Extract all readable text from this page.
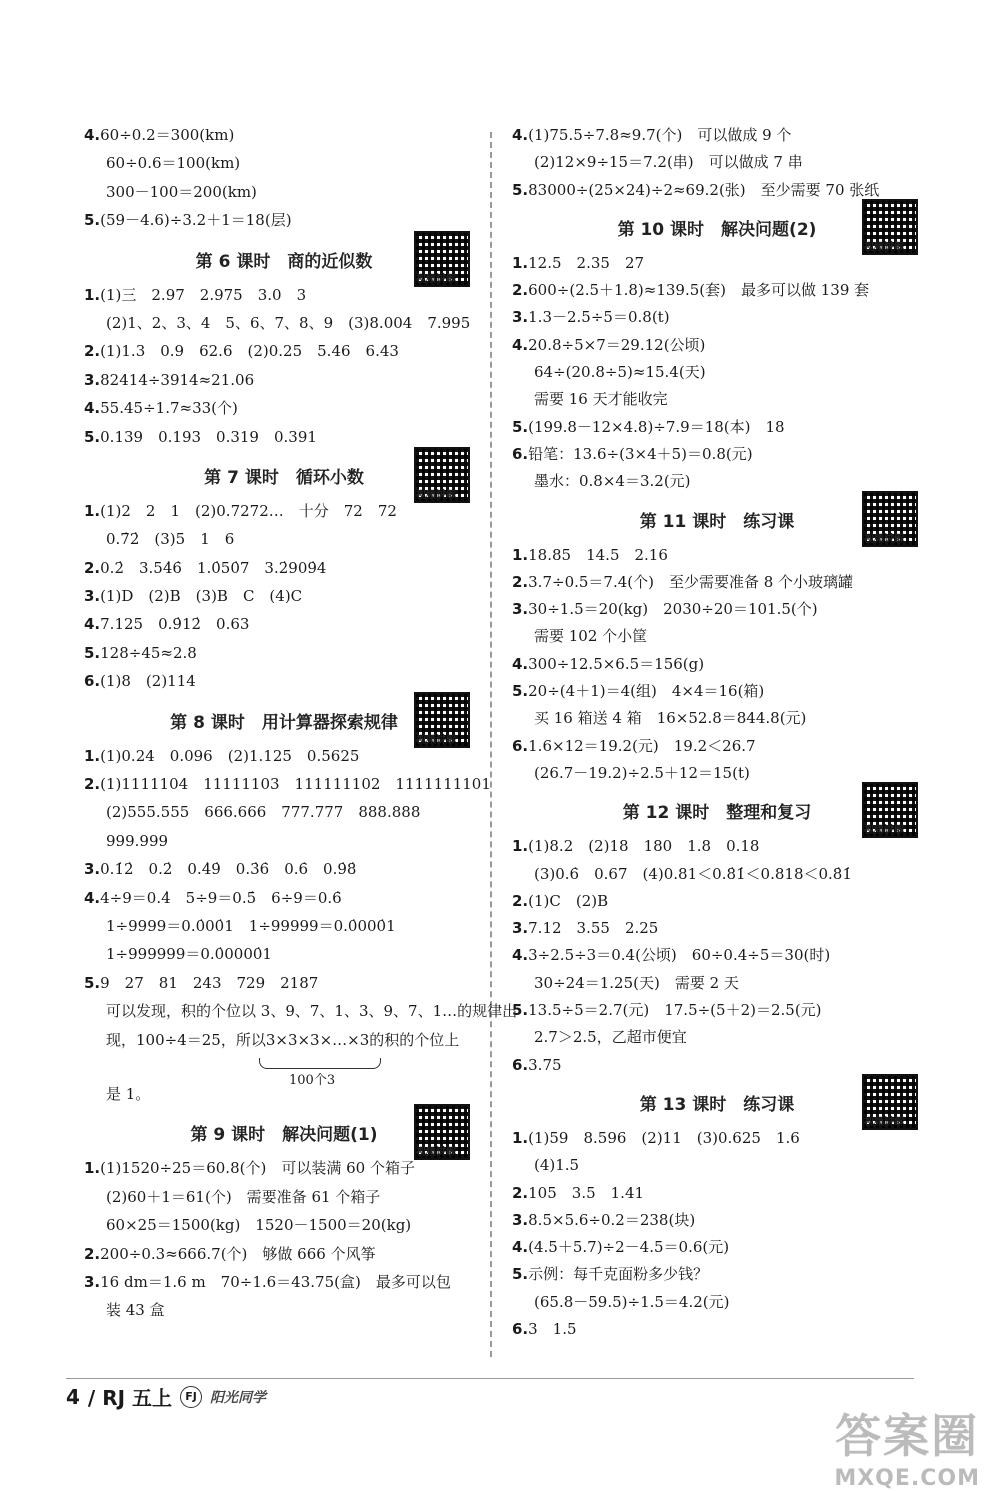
4.60÷0.2＝300(km)
60÷0.6＝100(km)
300－100＝200(km)
5.(59－4.6)÷3.2＋1＝18(层)
第 6 课时　商的近似数
视频讲解
1.(1)三　2.97　2.975　3.0　3
(2)1、2、3、4　5、6、7、8、9　(3)8.004　7.995
2.(1)1.3　0.9　62.6　(2)0.25　5.46　6.43
3.82414÷3914≈21.06
4.55.45÷1.7≈33(个)
5.0.139　0.193　0.319　0.391
第 7 课时　循环小数
视频讲解
1.(1)2　2　1　(2)0.7272…　十分　72　72
0.7̇2̇　(3)5　1　6
2.0.2̇　3.54̇6̇　1.0̇50̇7　3.2̇909̇4
3.(1)D　(2)B　(3)B　C　(4)C
4.7.125　0.9̇12̇　0.63
5.128÷45≈2.8
6.(1)8　(2)114
第 8 课时　用计算器探索规律
视频讲解
1.(1)0.24　0.096　(2)1.125　0.5625
2.(1)1111104　11111103　111111102　1111111101
(2)555.555　666.666　777.777　888.888
999.999
3.0.1̇2̇　0.2̇　0.4̇9̇　0.3̇6̇　0.6̇　0.9̇8̇
4.4÷9＝0.4̇　5÷9＝0.5̇　6÷9＝0.6̇
1÷9999＝0.0̇00̇1　1÷99999＝0.0̇000̇1
1÷999999＝0.0̇0000̇1
5.9　27　81　243　729　2187
可以发现，积的个位以 3、9、7、1、3、9、7、1…的规律出
现，100÷4＝25，所以3×3×3×…×3的积的个位上
100个3
是 1。
第 9 课时　解决问题(1)
视频讲解
1.(1)1520÷25＝60.8(个)　可以装满 60 个箱子
(2)60＋1＝61(个)　需要准备 61 个箱子
60×25＝1500(kg)　1520－1500＝20(kg)
2.200÷0.3≈666.7(个)　够做 666 个风筝
3.16 dm＝1.6 m　70÷1.6＝43.75(盒)　最多可以包
装 43 盒
4.(1)75.5÷7.8≈9.7(个)　可以做成 9 个
(2)12×9÷15＝7.2(串)　可以做成 7 串
5.83000÷(25×24)÷2≈69.2(张)　至少需要 70 张纸
第 10 课时　解决问题(2)
视频讲解
1.12.5　2.35　27
2.600÷(2.5＋1.8)≈139.5(套)　最多可以做 139 套
3.1.3－2.5÷5＝0.8(t)
4.20.8÷5×7＝29.12(公顷)
64÷(20.8÷5)≈15.4(天)
需要 16 天才能收完
5.(199.8－12×4.8)÷7.9＝18(本)　18
6.铅笔：13.6÷(3×4＋5)＝0.8(元)
墨水：0.8×4＝3.2(元)
第 11 课时　练习课
视频讲解
1.18.85　14.5　2.16
2.3.7÷0.5＝7.4(个)　至少需要准备 8 个小玻璃罐
3.30÷1.5＝20(kg)　2030÷20＝101.5(个)
需要 102 个小筐
4.300÷12.5×6.5＝156(g)
5.20÷(4＋1)＝4(组)　4×4＝16(箱)
买 16 箱送 4 箱　16×52.8＝844.8(元)
6.1.6×12＝19.2(元)　19.2＜26.7
(26.7－19.2)÷2.5＋12＝15(t)
第 12 课时　整理和复习
视频讲解
1.(1)8.2　(2)18　180　1.8　0.18
(3)0.6̇　0.67　(4)0.81＜0.8̇1̇＜0.818＜0.8̇1̇
2.(1)C　(2)B
3.7.12　3.55　2.25
4.3÷2.5÷3＝0.4(公顷)　60÷0.4÷5＝30(时)
30÷24＝1.25(天)　需要 2 天
5.13.5÷5＝2.7(元)　17.5÷(5＋2)＝2.5(元)
2.7＞2.5，乙超市便宜
6.3.75
第 13 课时　练习课
视频讲解
1.(1)59　8.596　(2)11　(3)0.625　1.6
(4)1.5
2.105　3.5　1.41
3.8.5×5.6÷0.2＝238(块)
4.(4.5＋5.7)÷2－4.5＝0.6(元)
5.示例：每千克面粉多少钱？
(65.8－59.5)÷1.5＝4.2(元)
6.3　1.5
4 / RJ 五上	FJ 阳光同学
答案圈
MXQE.COM
